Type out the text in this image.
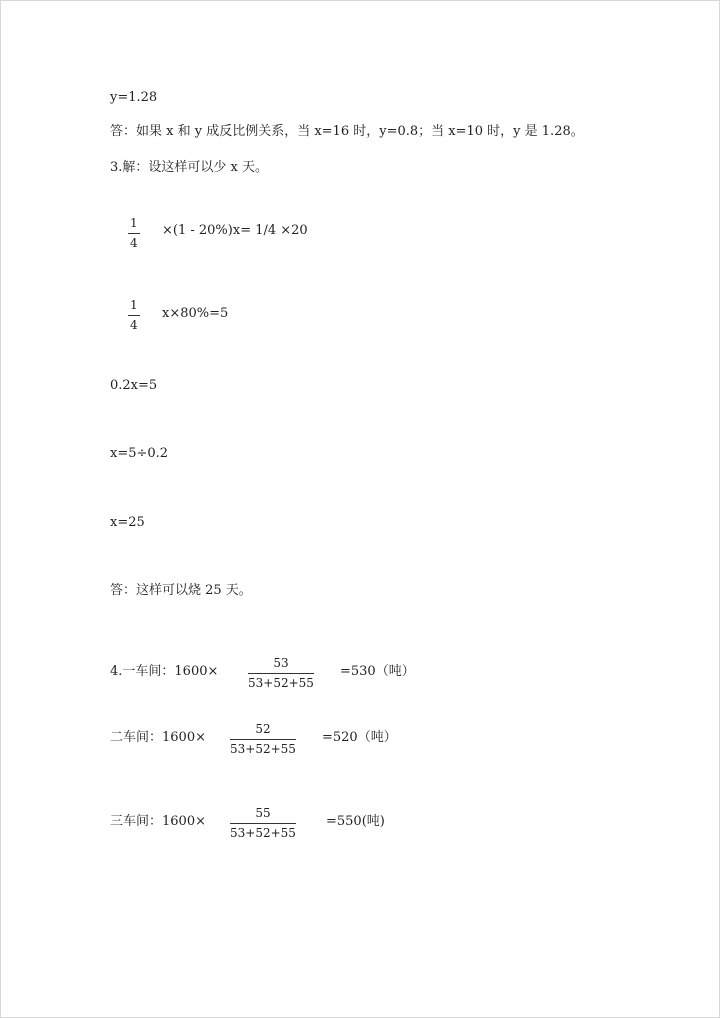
y=1.28
答：如果 x 和 y 成反比例关系，当 x=16 时，y=0.8；当 x=10 时，y 是 1.28。
3.解：设这样可以少 x 天。
1
4
×(1 - 20%)x= 1/4 ×20
1
4
x×80%=5
0.2x=5
x=5÷0.2
x=25
答：这样可以烧 25 天。
4.一车间：1600×
53
53+52+55
=530（吨）
二车间：1600×
52
53+52+55
=520（吨）
三车间：1600×
55
53+52+55
=550(吨)
